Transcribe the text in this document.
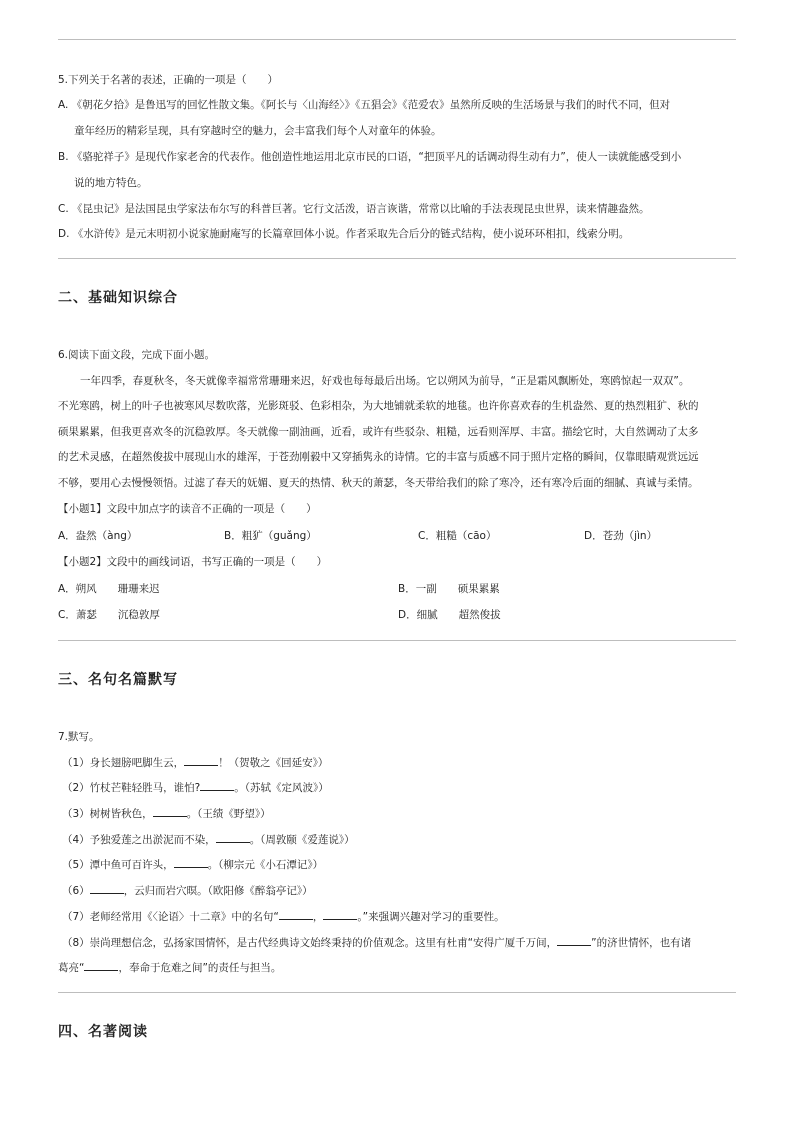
5.下列关于名著的表述，正确的一项是（　　）
A. 《朝花夕拾》是鲁迅写的回忆性散文集。《阿长与〈山海经〉》《五猖会》《范爱农》虽然所反映的生活场景与我们的时代不同，但对
童年经历的精彩呈现，具有穿越时空的魅力，会丰富我们每个人对童年的体验。
B. 《骆驼祥子》是现代作家老舍的代表作。他创造性地运用北京市民的口语，“把顶平凡的话调动得生动有力”，使人一读就能感受到小
说的地方特色。
C. 《昆虫记》是法国昆虫学家法布尔写的科普巨著。它行文活泼，语言诙谐，常常以比喻的手法表现昆虫世界，读来情趣盎然。
D. 《水浒传》是元末明初小说家施耐庵写的长篇章回体小说。作者采取先合后分的链式结构，使小说环环相扣，线索分明。
二、基础知识综合
6.阅读下面文段，完成下面小题。
一年四季，春夏秋冬，冬天就像幸福常常珊珊来迟，好戏也每每最后出场。它以朔风为前导，“正是霜风飘断处，寒鸥惊起一双双”。
不光寒鸥，树上的叶子也被寒风尽数吹落，光影斑驳、色彩相杂，为大地铺就柔软的地毯。也许你喜欢春的生机盎然、夏的热烈粗犷、秋的
硕果累累，但我更喜欢冬的沉稳敦厚。冬天就像一副油画，近看，或许有些驳杂、粗糙，远看则浑厚、丰富。描绘它时，大自然调动了太多
的艺术灵感，在超然俊拔中展现山水的雄浑，于苍劲刚毅中又穿插隽永的诗情。它的丰富与质感不同于照片定格的瞬间，仅靠眼睛观赏远远
不够，要用心去慢慢领悟。过滤了春天的妩媚、夏天的热情、秋天的萧瑟，冬天带给我们的除了寒冷，还有寒冷后面的细腻、真诚与柔情。
【小题1】文段中加点字的读音不正确的一项是（　　）
A．盎然（àng）	B．粗犷（guǎng）	C．粗糙（cāo）	D．苍劲（jìn）
【小题2】文段中的画线词语，书写正确的一项是（　　）
A．朔风　　珊珊来迟	B．一副　　硕果累累
C．萧瑟　　沉稳敦厚	D．细腻　　超然俊拔
三、名句名篇默写
7.默写。
（1）身长翅膀吧脚生云，	！（贺敬之《回延安》）
（2）竹杖芒鞋轻胜马，谁怕?	。（苏轼《定风波》）
（3）树树皆秋色，	。（王绩《野望》）
（4）予独爱莲之出淤泥而不染，	。（周敦颐《爱莲说》）
（5）潭中鱼可百许头，	。（柳宗元《小石潭记》）
（6）	，云归而岩穴暝。（欧阳修《醉翁亭记》）
（7）老师经常用《〈论语〉十二章》中的名句“	，	。”来强调兴趣对学习的重要性。
（8）崇尚理想信念，弘扬家国情怀，是古代经典诗文始终秉持的价值观念。这里有杜甫“安得广厦千万间，	”的济世情怀，也有诸
葛亮“	，奉命于危难之间”的责任与担当。
四、名著阅读
